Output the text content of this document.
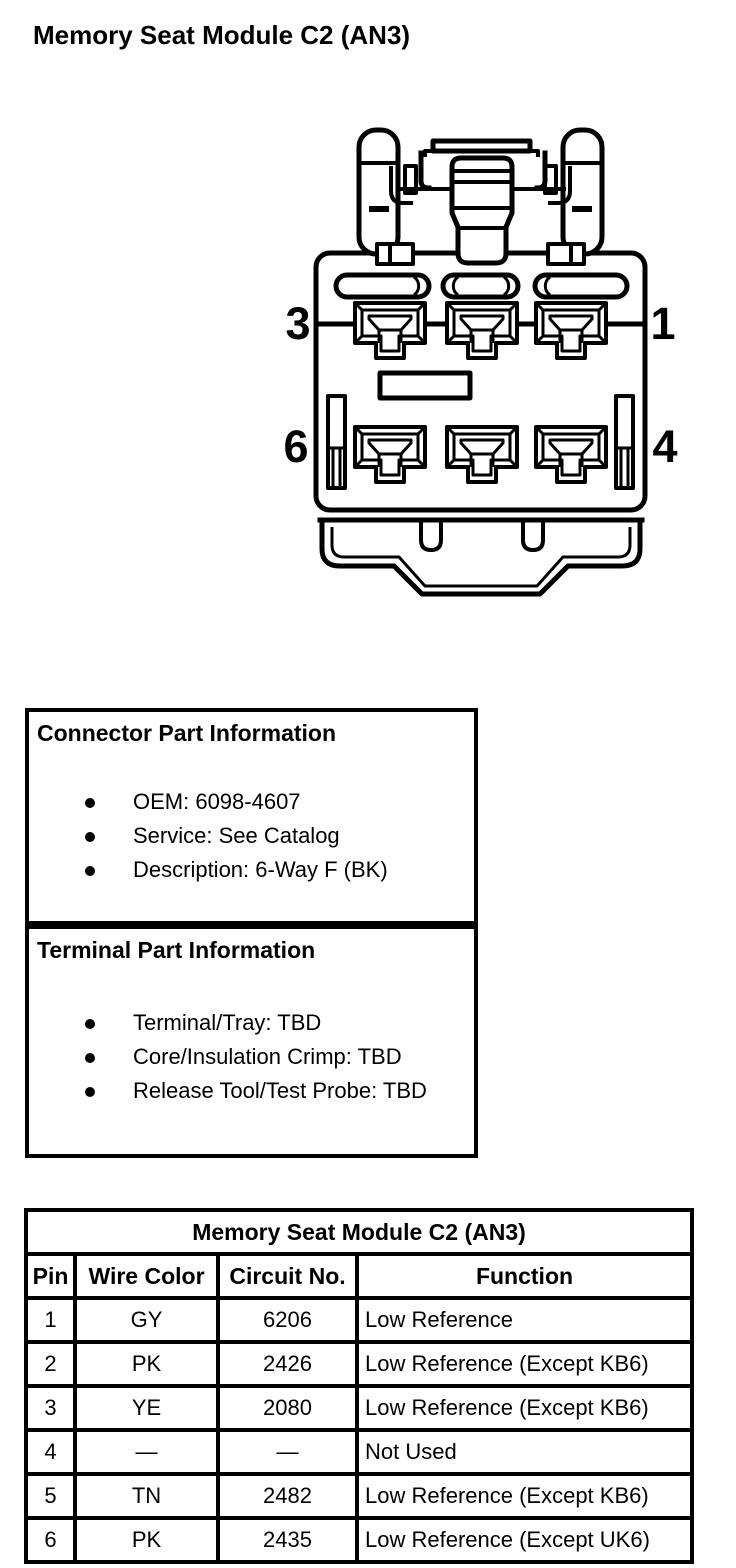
Memory Seat Module C2 (AN3)
3	1
6	4
Connector Part Information
OEM: 6098-4607
Service: See Catalog
Description: 6-Way F (BK)
Terminal Part Information
Terminal/Tray: TBD
Core/Insulation Crimp: TBD
Release Tool/Test Probe: TBD
Memory Seat Module C2 (AN3)			
Pin	Wire Color	Circuit No.	Function
1	GY	6206	Low Reference
2	PK	2426	Low Reference (Except KB6)
3	YE	2080	Low Reference (Except KB6)
4	—	—	Not Used
5	TN	2482	Low Reference (Except KB6)
6	PK	2435	Low Reference (Except UK6)
